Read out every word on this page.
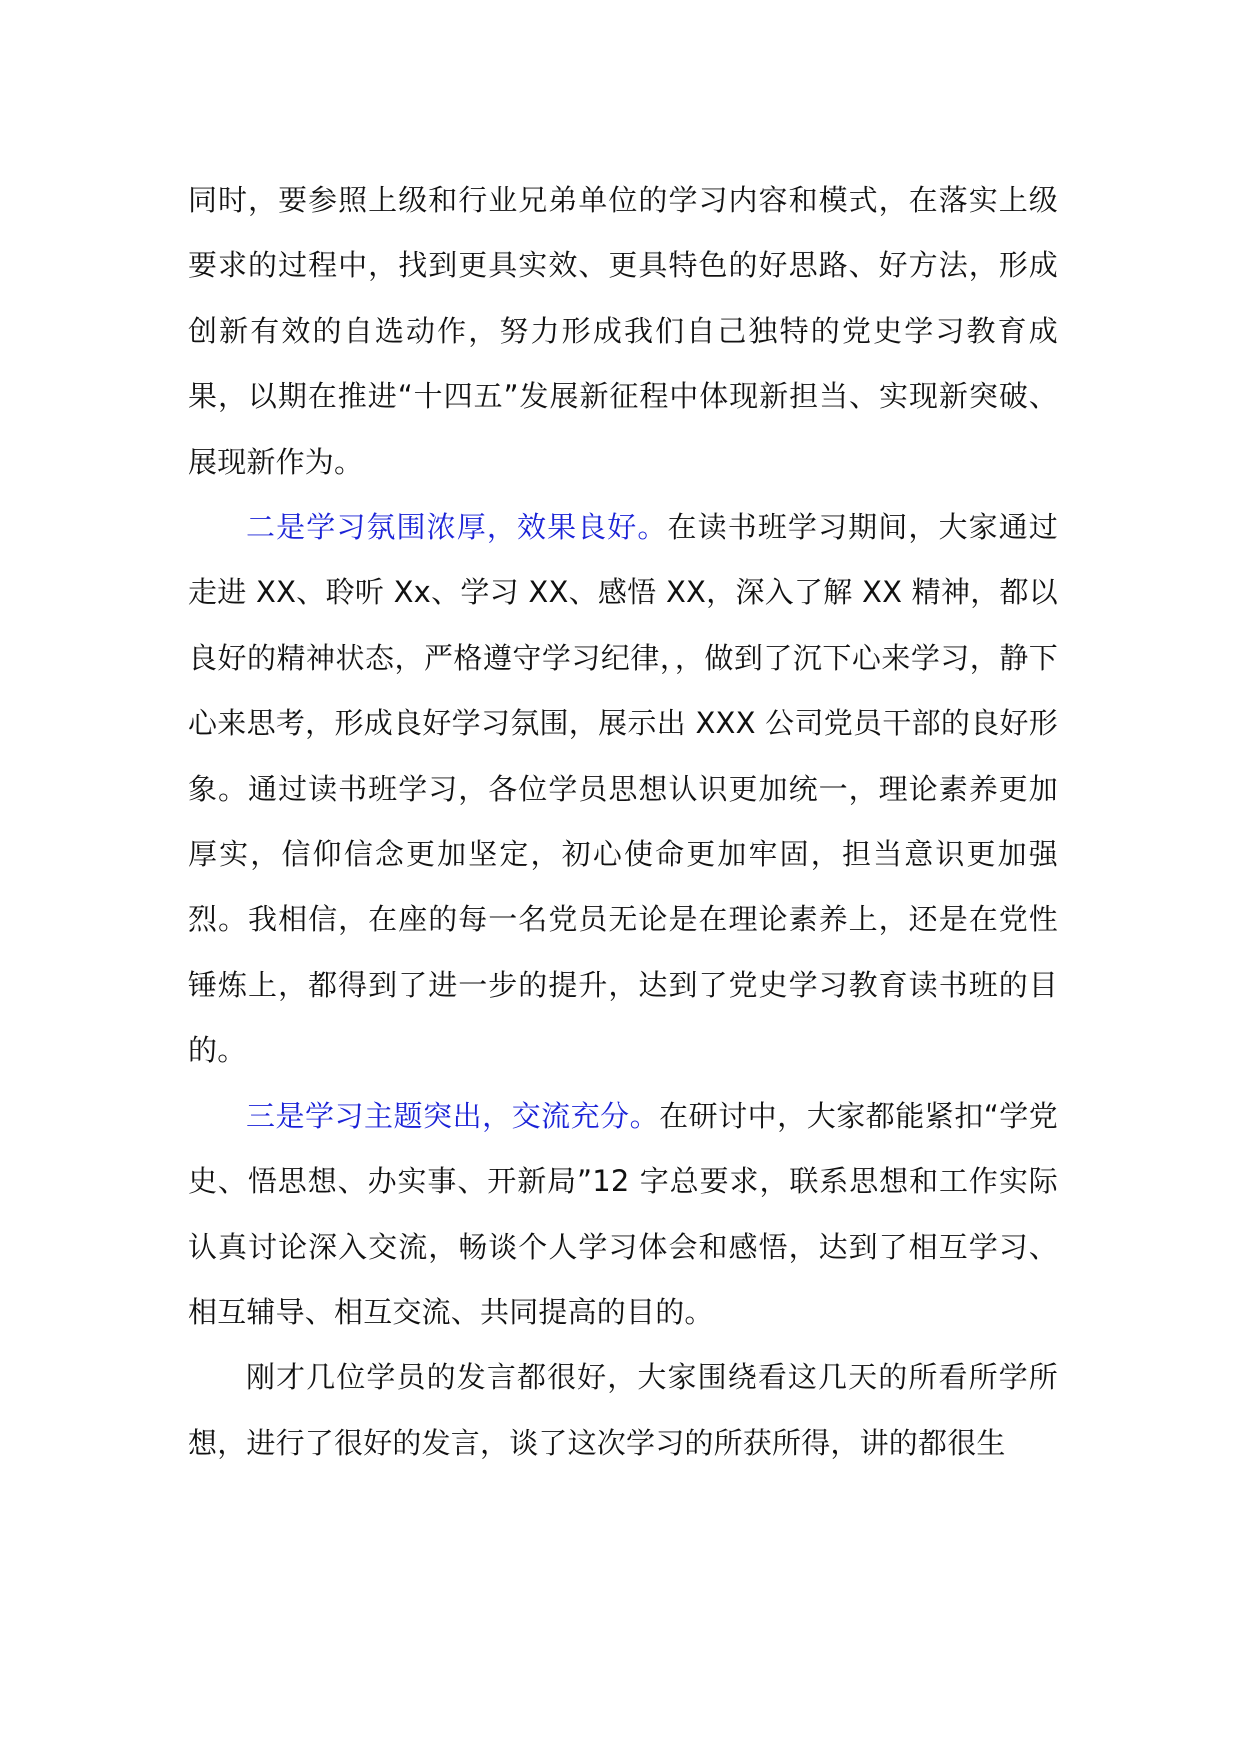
同时，要参照上级和行业兄弟单位的学习内容和模式，在落实上级要求的过程中，找到更具实效、更具特色的好思路、好方法，形成创新有效的自选动作，努力形成我们自己独特的党史学习教育成果，以期在推进“十四五”发展新征程中体现新担当、实现新突破、展现新作为。

二是学习氛围浓厚，效果良好。在读书班学习期间，大家通过走进 XX、聆听 Xx、学习 XX、感悟 XX，深入了解 XX 精神，都以良好的精神状态，严格遵守学习纪律，，做到了沉下心来学习，静下心来思考，形成良好学习氛围，展示出 XXX 公司党员干部的良好形象。通过读书班学习，各位学员思想认识更加统一，理论素养更加厚实，信仰信念更加坚定，初心使命更加牢固，担当意识更加强烈。我相信，在座的每一名党员无论是在理论素养上，还是在党性锤炼上，都得到了进一步的提升，达到了党史学习教育读书班的目的。

三是学习主题突出，交流充分。在研讨中，大家都能紧扣“学党史、悟思想、办实事、开新局”12 字总要求，联系思想和工作实际认真讨论深入交流，畅谈个人学习体会和感悟，达到了相互学习、相互辅导、相互交流、共同提高的目的。

刚才几位学员的发言都很好，大家围绕看这几天的所看所学所想，进行了很好的发言，谈了这次学习的所获所得，讲的都很生
